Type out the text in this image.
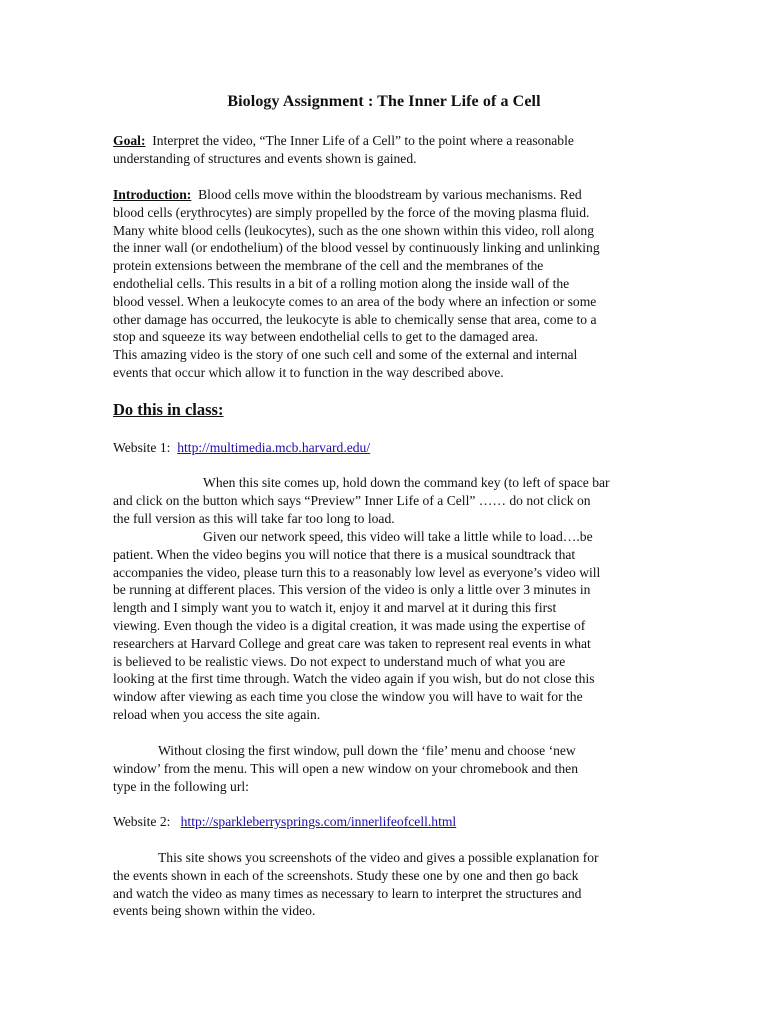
Biology Assignment : The Inner Life of a Cell
Goal: Interpret the video, “The Inner Life of a Cell” to the point where a reasonable
understanding of structures and events shown is gained.
Introduction: Blood cells move within the bloodstream by various mechanisms. Red
blood cells (erythrocytes) are simply propelled by the force of the moving plasma fluid.
Many white blood cells (leukocytes), such as the one shown within this video, roll along
the inner wall (or endothelium) of the blood vessel by continuously linking and unlinking
protein extensions between the membrane of the cell and the membranes of the
endothelial cells. This results in a bit of a rolling motion along the inside wall of the
blood vessel. When a leukocyte comes to an area of the body where an infection or some
other damage has occurred, the leukocyte is able to chemically sense that area, come to a
stop and squeeze its way between endothelial cells to get to the damaged area.
This amazing video is the story of one such cell and some of the external and internal
events that occur which allow it to function in the way described above.
Do this in class:
Website 1: http://multimedia.mcb.harvard.edu/
When this site comes up, hold down the command key (to left of space bar
and click on the button which says “Preview” Inner Life of a Cell” …… do not click on
the full version as this will take far too long to load.
Given our network speed, this video will take a little while to load….be
patient. When the video begins you will notice that there is a musical soundtrack that
accompanies the video, please turn this to a reasonably low level as everyone’s video will
be running at different places. This version of the video is only a little over 3 minutes in
length and I simply want you to watch it, enjoy it and marvel at it during this first
viewing. Even though the video is a digital creation, it was made using the expertise of
researchers at Harvard College and great care was taken to represent real events in what
is believed to be realistic views. Do not expect to understand much of what you are
looking at the first time through. Watch the video again if you wish, but do not close this
window after viewing as each time you close the window you will have to wait for the
reload when you access the site again.
Without closing the first window, pull down the ‘file’ menu and choose ‘new
window’ from the menu. This will open a new window on your chromebook and then
type in the following url:
Website 2: http://sparkleberrysprings.com/innerlifeofcell.html
This site shows you screenshots of the video and gives a possible explanation for
the events shown in each of the screenshots. Study these one by one and then go back
and watch the video as many times as necessary to learn to interpret the structures and
events being shown within the video.
